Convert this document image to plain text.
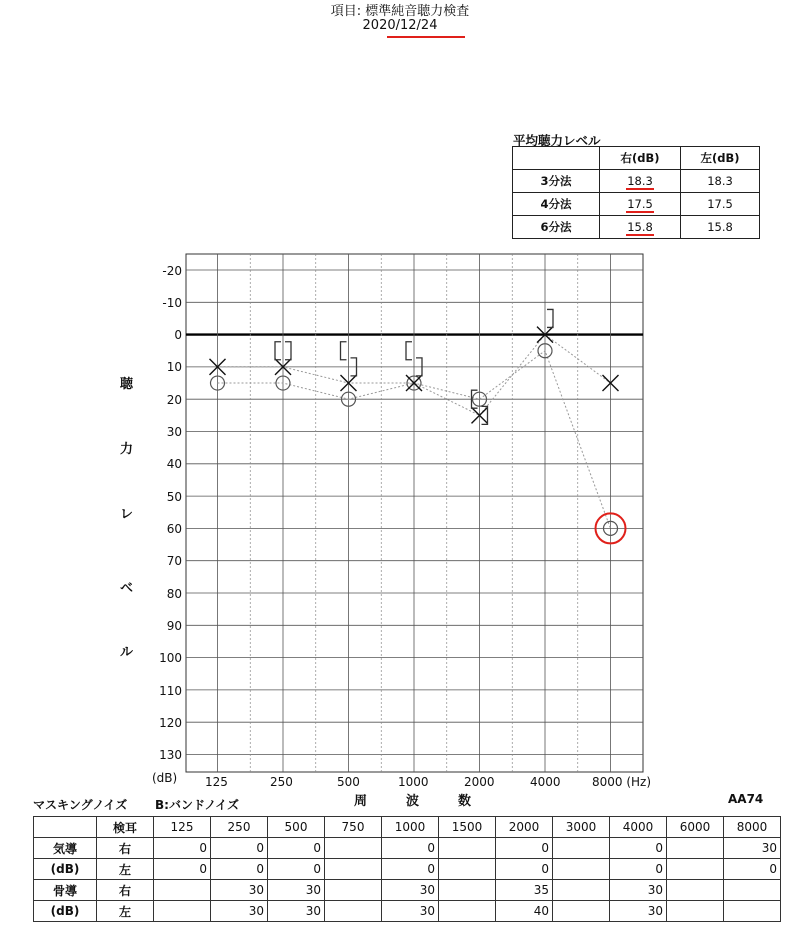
項目: 標準純音聴力検査
2020/12/24
平均聴力レベル
	右(dB)	左(dB)
3分法	18.3	18.3
4分法	17.5	17.5
6分法	15.8	15.8
-20
-10
0
10
20
30
40
50
60
70
80
90
100
110
120
130
(dB) 125	250	500	1000	2000	4000	8000 (Hz)
周	波	数
聴
力
レ
ベ
ル
マスキングノイズ B:バンドノイズ	AA74
	検耳	125	250	500	750	1000	1500	2000	3000	4000	6000	8000
気導	右	0	0	0		0		0		0		30
(dB)	左	0	0	0		0		0		0		0
骨導	右		30	30		30		35		30		
(dB)	左		30	30		30		40		30		
